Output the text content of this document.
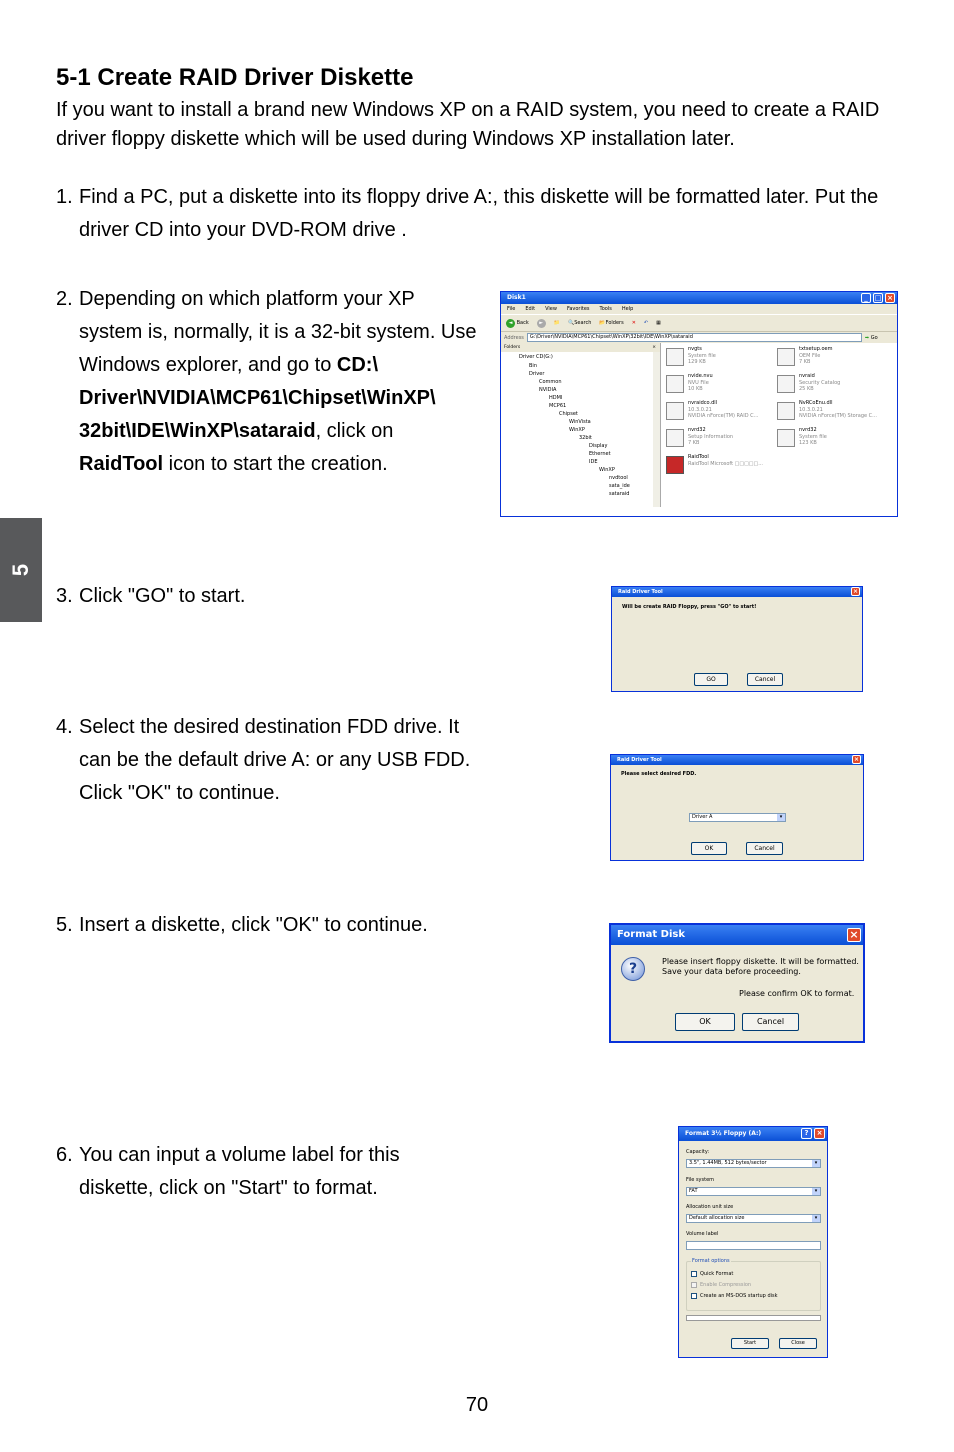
5
5-1 Create RAID Driver Diskette
If you want to install a brand new Windows XP on a RAID system, you need to create a RAID driver floppy diskette which will be used during Windows XP installation later.
1. Find a PC, put a diskette into its floppy drive A:, this diskette will be formatted later. Put the driver CD into your DVD-ROM drive .
2. Depending on which platform your XP system is, normally, it is a 32-bit system. Use Windows explorer, and go to CD:\ Driver\NVIDIA\MCP61\Chipset\WinXP\ 32bit\IDE\WinXP\sataraid, click on RaidTool icon to start the creation.
3. Click "GO" to start.
4. Select the desired destination FDD drive. It can be the default drive A: or any USB FDD. Click "OK" to continue.
5. Insert a diskette, click "OK" to continue.
6. You can input a volume label for this diskette, click on "Start" to format.
Disk1	_ □ ×
File Edit View Favorites Tools Help
◄ Back	►	📁 🔍Search 📂Folders ✕ ↶ ▦
Address	G:\Driver\NVIDIA\MCP61\Chipset\WinXP\32bit\IDE\WinXP\sataraid	➡ Go
Folders	×
Driver CD(G:)
Bin
Driver
Common
NVIDIA
HDMI
MCP61
Chipset
WinVista
WinXP
32bit
Display
Ethernet
IDE
WinXP
nvdtool
sata_ide
sataraid
nvgts
System file
129 KB
txtsetup.oem
OEM File
7 KB
nvide.nvu
NVU File
10 KB
nvraid
Security Catalog
25 KB
nvraidco.dll
10.3.0.21
NVIDIA nForce(TM) RAID C...
NvRCoEnu.dll
10.3.0.21
NVIDIA nForce(TM) Storage C...
nvrd32
Setup Information
7 KB
nvrd32
System file
123 KB
RaidTool
RaidTool Microsoft □□□□□...
Raid Driver Tool	×
Will be create RAID Floppy, press "GO" to start!
GO	Cancel
Raid Driver Tool	×
Please select desired FDD.
Driver A	▾
OK	Cancel
Format Disk	×
?	Please insert floppy diskette. It will be formatted.
Save your data before proceeding.
Please confirm OK to format.
OK	Cancel
Format 3½ Floppy (A:)	?	×
Capacity:
3.5", 1.44MB, 512 bytes/sector	▾
File system
FAT	▾
Allocation unit size
Default allocation size	▾
Volume label
Format options
Quick Format
Enable Compression
Create an MS-DOS startup disk
Start	Close
70
